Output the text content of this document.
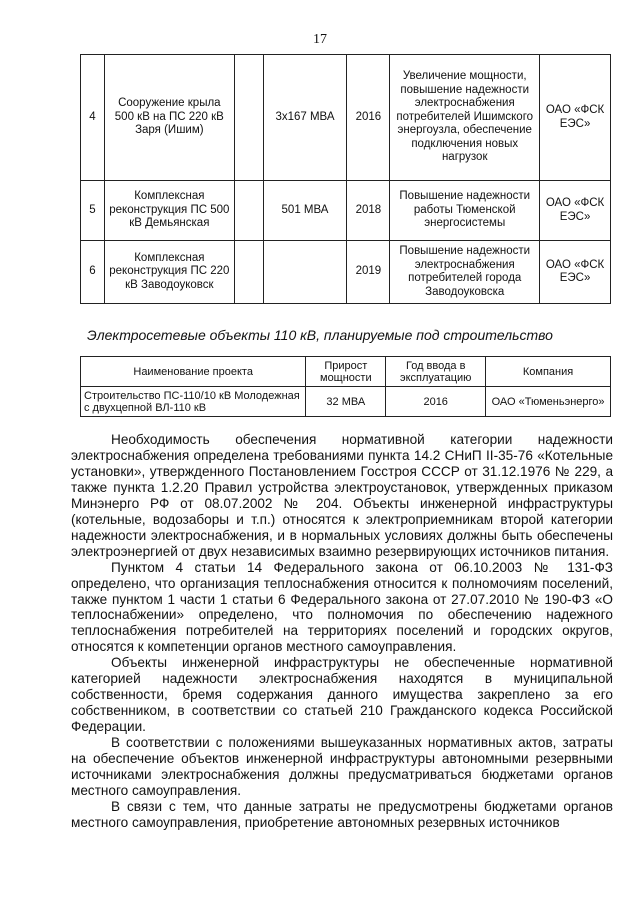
17
4	Сооружение крыла 500 кВ на ПС 220 кВ Заря (Ишим)		3х167 МВА	2016	Увеличение мощности, повышение надежности электроснабжения потребителей Ишимского энергоузла, обеспечение подключения новых нагрузок	ОАО «ФСК ЕЭС»
5	Комплексная реконструкция ПС 500 кВ Демьянская		501 МВА	2018	Повышение надежности работы Тюменской энергосистемы	ОАО «ФСК ЕЭС»
6	Комплексная реконструкция ПС 220 кВ Заводоуковск			2019	Повышение надежности электроснабжения потребителей города Заводоуковска	ОАО «ФСК ЕЭС»
Электросетевые объекты 110 кВ, планируемые под строительство
Наименование проекта	Прирост мощности	Год ввода в эксплуатацию	Компания
Строительство ПС-110/10 кВ Молодежная с двухцепной ВЛ-110 кВ	32 МВА	2016	ОАО «Тюменьэнерго»

Необходимость обеспечения нормативной категории надежности электроснабжения определена требованиями пункта 14.2 СНиП II-35-76 «Котельные установки», утвержденного Постановлением Госстроя СССР от 31.12.1976 № 229, а также пункта 1.2.20 Правил устройства электроустановок, утвержденных приказом Минэнерго РФ от 08.07.2002 № 204. Объекты инженерной инфраструктуры (котельные, водозаборы и т.п.) относятся к электроприемникам второй категории надежности электроснабжения, и в нормальных условиях должны быть обеспечены электроэнергией от двух независимых взаимно резервирующих источников питания.

Пунктом 4 статьи 14 Федерального закона от 06.10.2003 № 131-ФЗ определено, что организация теплоснабжения относится к полномочиям поселений, также пунктом 1 части 1 статьи 6 Федерального закона от 27.07.2010 № 190-ФЗ «О теплоснабжении» определено, что полномочия по обеспечению надежного теплоснабжения потребителей на территориях поселений и городских округов, относятся к компетенции органов местного самоуправления.

Объекты инженерной инфраструктуры не обеспеченные нормативной категорией надежности электроснабжения находятся в муниципальной собственности, бремя содержания данного имущества закреплено за его собственником, в соответствии со статьей 210 Гражданского кодекса Российской Федерации.

В соответствии с положениями вышеуказанных нормативных актов, затраты на обеспечение объектов инженерной инфраструктуры автономными резервными источниками электроснабжения должны предусматриваться бюджетами органов местного самоуправления.

В связи с тем, что данные затраты не предусмотрены бюджетами органов местного самоуправления, приобретение автономных резервных источников
